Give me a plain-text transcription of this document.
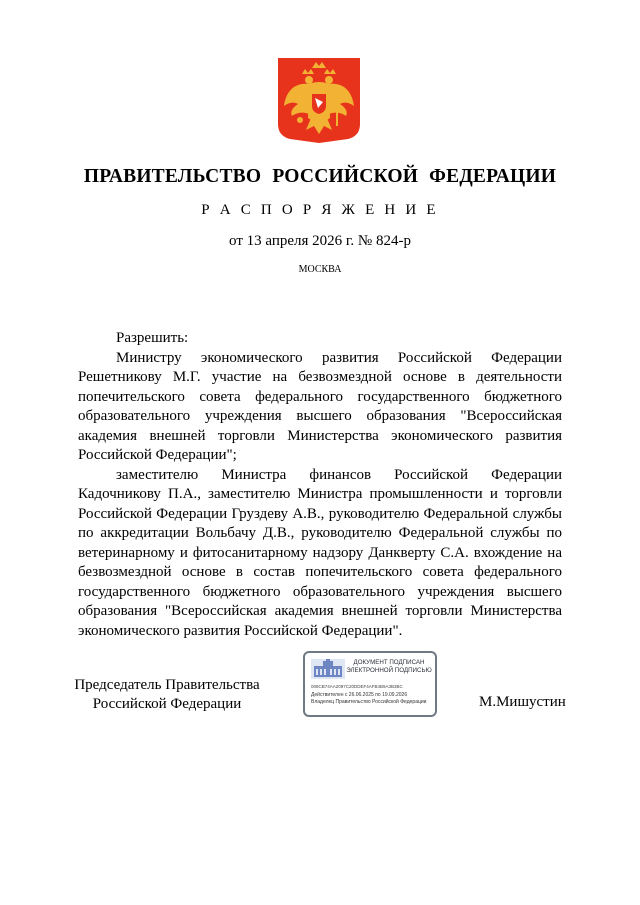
ПРАВИТЕЛЬСТВО РОССИЙСКОЙ ФЕДЕРАЦИИ
Р А С П О Р Я Ж Е Н И Е
от 13 апреля 2026 г. № 824-р
МОСКВА

Разрешить:

Министру экономического развития Российской Федерации Решетникову М.Г. участие на безвозмездной основе в деятельности попечительского совета федерального государственного бюджетного образовательного учреждения высшего образования "Всероссийская академия внешней торговли Министерства экономического развития Российской Федерации";

заместителю Министра финансов Российской Федерации Кадочникову П.А., заместителю Министра промышленности и торговли Российской Федерации Груздеву А.В., руководителю Федеральной службы по аккредитации Вольбачу Д.В., руководителю Федеральной службы по ветеринарному и фитосанитарному надзору Данкверту С.А. вхождение на безвозмездной основе в состав попечительского совета федерального государственного бюджетного образовательного учреждения высшего образования "Всероссийская академия внешней торговли Министерства экономического развития Российской Федерации".

Председатель Правительства
Российской Федерации
ДОКУМЕНТ ПОДПИСАН
ЭЛЕКТРОННОЙ ПОДПИСЬЮ
008CB74AA2097C20DDEF4AFB4B9A3B3BC
Действителен с 26.06.2025 по 19.09.2026
Владелец Правительство Российской Федерации	М.Мишустин
